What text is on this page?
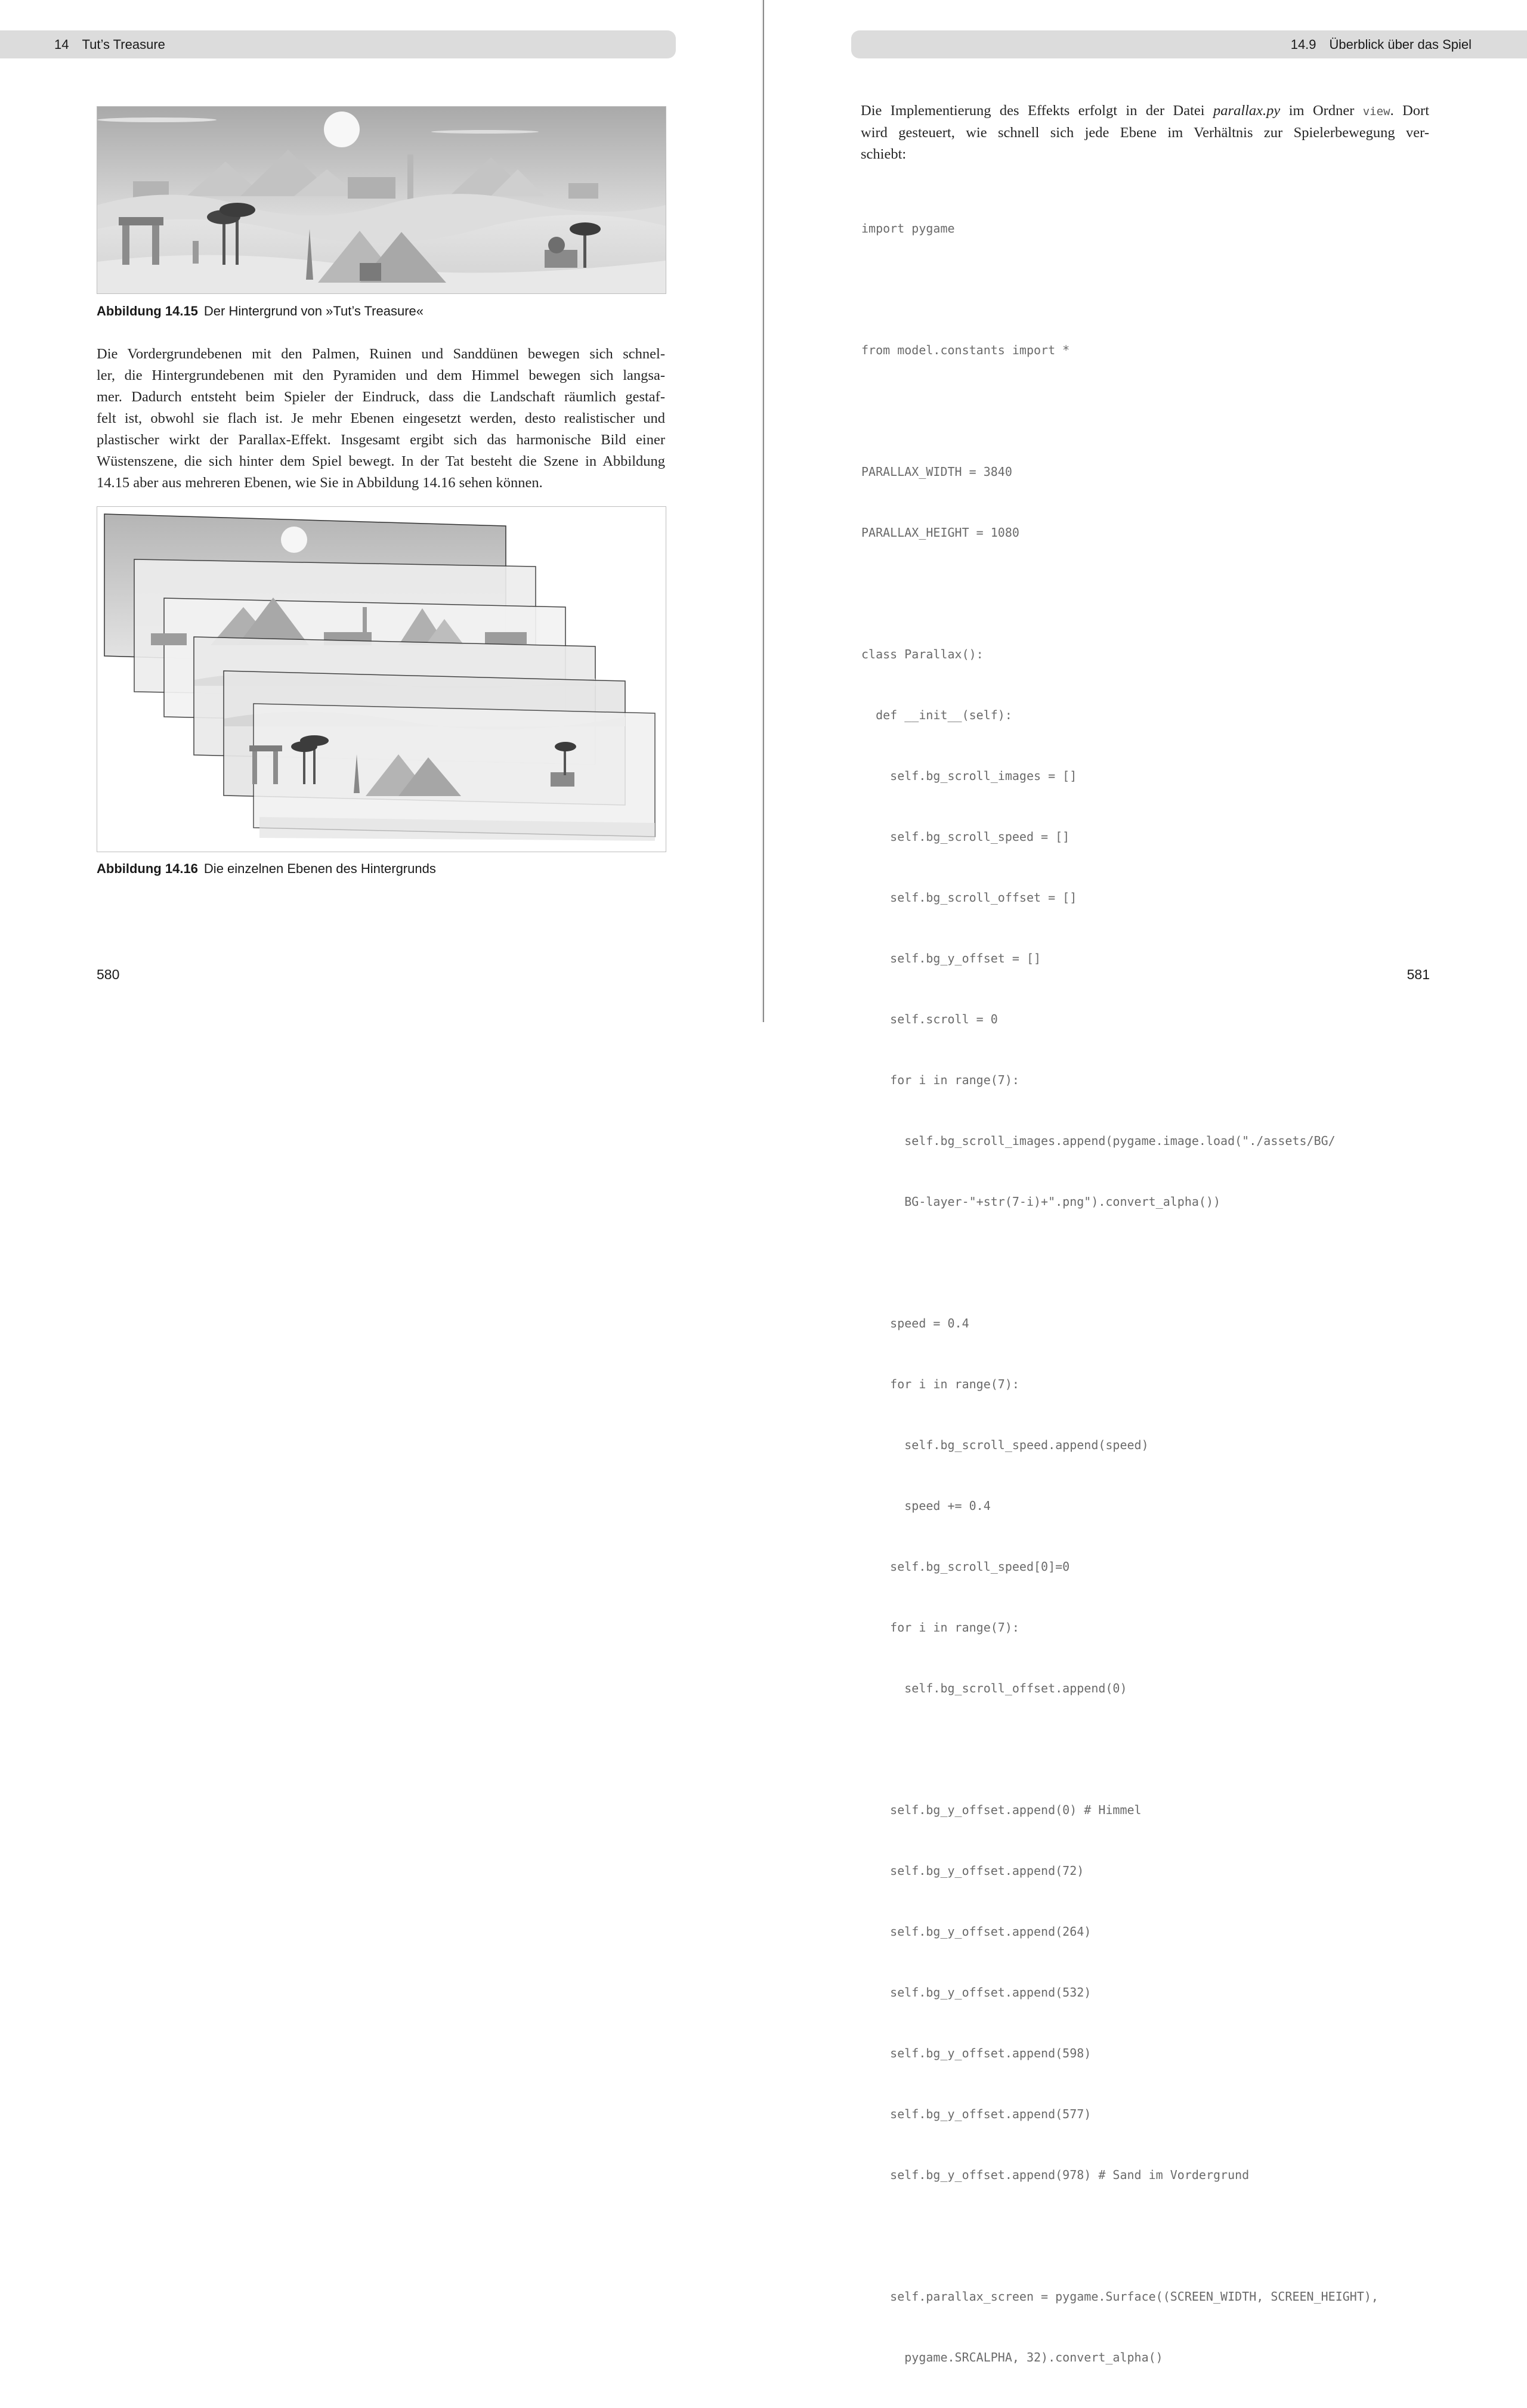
14 Tut’s Treasure
Abbildung 14.15 Der Hintergrund von »Tut’s Treasure«
Die Vordergrundebenen mit den Palmen, Ruinen und Sanddünen bewegen sich schnel-
ler, die Hintergrundebenen mit den Pyramiden und dem Himmel bewegen sich langsa-
mer. Dadurch entsteht beim Spieler der Eindruck, dass die Landschaft räumlich gestaf-
felt ist, obwohl sie flach ist. Je mehr Ebenen eingesetzt werden, desto realistischer und
plastischer wirkt der Parallax-Effekt. Insgesamt ergibt sich das harmonische Bild einer
Wüstenszene, die sich hinter dem Spiel bewegt. In der Tat besteht die Szene in Abbildung
14.15 aber aus mehreren Ebenen, wie Sie in Abbildung 14.16 sehen können.
Abbildung 14.16 Die einzelnen Ebenen des Hintergrunds
580
14.9 Überblick über das Spiel
Die Implementierung des Effekts erfolgt in der Datei parallax.py im Ordner view. Dort
wird gesteuert, wie schnell sich jede Ebene im Verhältnis zur Spielerbewegung ver-
schiebt:

import pygame

from model.constants import *

PARALLAX_WIDTH = 3840

PARALLAX_HEIGHT = 1080

class Parallax():

def __init__(self):

self.bg_scroll_images = []

self.bg_scroll_speed = []

self.bg_scroll_offset = []

self.bg_y_offset = []

self.scroll = 0

for i in range(7):

self.bg_scroll_images.append(pygame.image.load("./assets/BG/

BG-layer-"+str(7-i)+".png").convert_alpha())

speed = 0.4

for i in range(7):

self.bg_scroll_speed.append(speed)

speed += 0.4

self.bg_scroll_speed[0]=0

for i in range(7):

self.bg_scroll_offset.append(0)

self.bg_y_offset.append(0) # Himmel

self.bg_y_offset.append(72)

self.bg_y_offset.append(264)

self.bg_y_offset.append(532)

self.bg_y_offset.append(598)

self.bg_y_offset.append(577)

self.bg_y_offset.append(978) # Sand im Vordergrund

self.parallax_screen = pygame.Surface((SCREEN_WIDTH, SCREEN_HEIGHT),

pygame.SRCALPHA, 32).convert_alpha()

581
